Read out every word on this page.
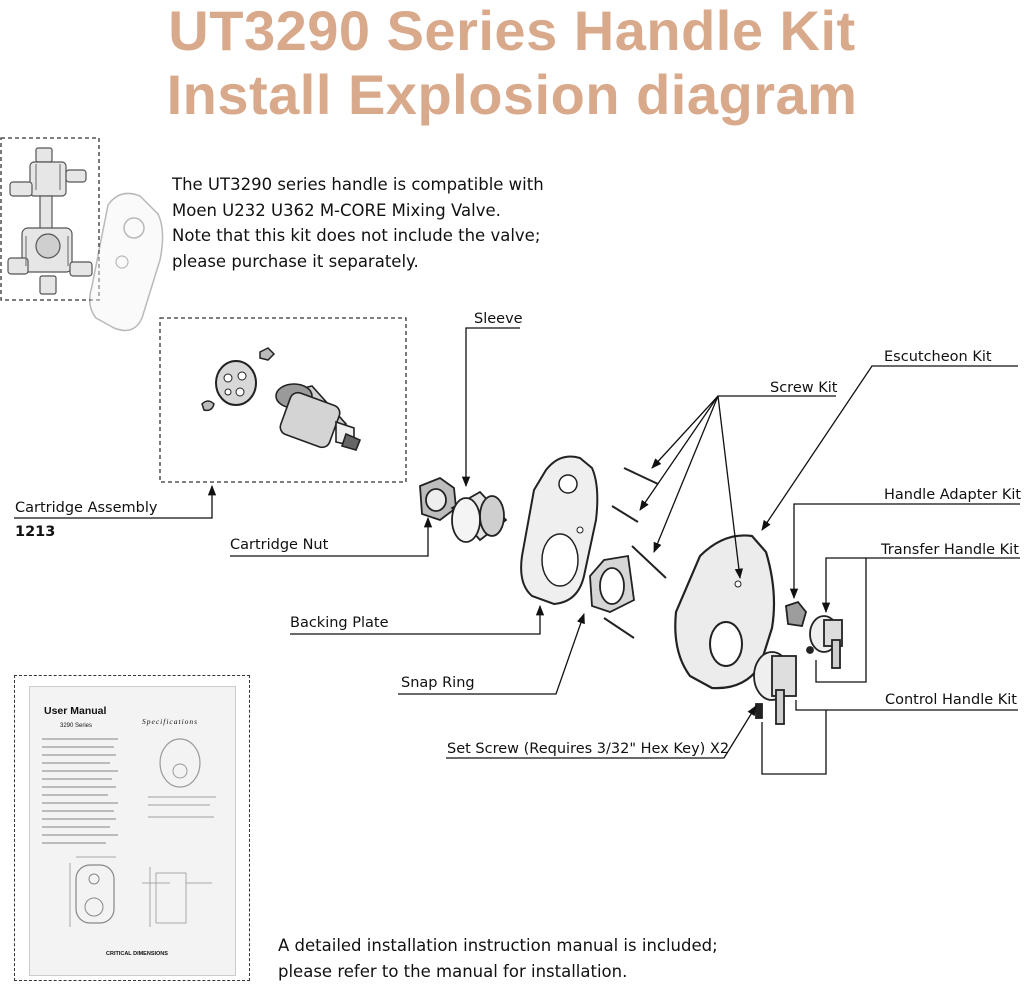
UT3290 Series Handle Kit
Install Explosion diagram
The UT3290 series handle is compatible with
Moen U232 U362 M-CORE Mixing Valve.
Note that this kit does not include the valve;
please purchase it separately.
Sleeve
Escutcheon Kit
Screw Kit
Handle Adapter Kit
Transfer Handle Kit
Cartridge Assembly
1213
Cartridge Nut
Backing Plate
Snap Ring
Control Handle Kit
Set Screw (Requires 3/32" Hex Key) X2
User Manual
3290 Series	Specifications
CRITICAL DIMENSIONS	A detailed installation instruction manual is included;
please refer to the manual for installation.
